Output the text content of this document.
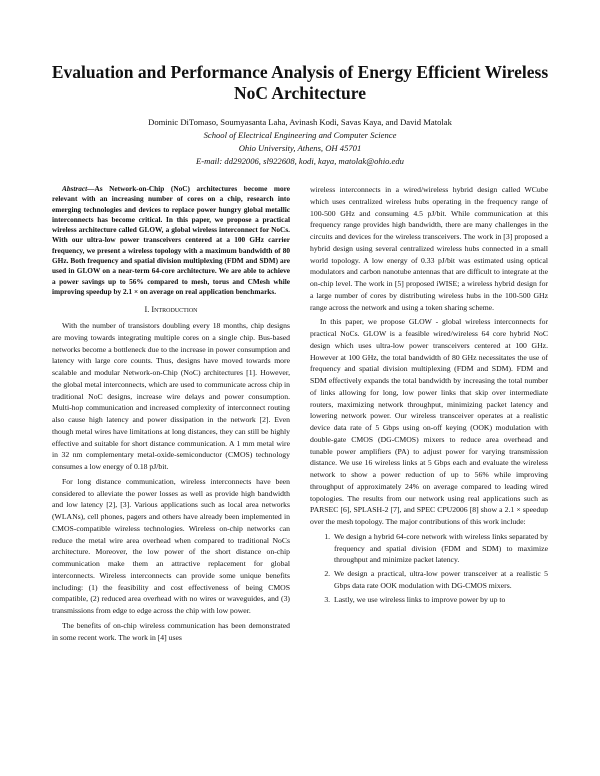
Evaluation and Performance Analysis of Energy Efficient Wireless NoC Architecture
Dominic DiTomaso, Soumyasanta Laha, Avinash Kodi, Savas Kaya, and David Matolak
School of Electrical Engineering and Computer Science
Ohio University, Athens, OH 45701
E-mail: dd292006, sl922608, kodi, kaya, matolak@ohio.edu

Abstract—As Network-on-Chip (NoC) architectures become more relevant with an increasing number of cores on a chip, research into emerging technologies and devices to replace power hungry global metallic interconnects has become critical. In this paper, we propose a practical wireless architecture called GLOW, a global wireless interconnect for NoCs. With our ultra-low power transceivers centered at a 100 GHz carrier frequency, we present a wireless topology with a maximum bandwidth of 80 GHz. Both frequency and spatial division multiplexing (FDM and SDM) are used in GLOW on a near-term 64-core architecture. We are able to achieve a power savings up to 56% compared to mesh, torus and CMesh while improving speedup by 2.1 × on average on real application benchmarks.

I. Introduction

With the number of transistors doubling every 18 months, chip designs are moving towards integrating multiple cores on a single chip. Bus-based networks become a bottleneck due to the increase in power consumption and latency with large core counts. Thus, designs have moved towards more scalable and modular Network-on-Chip (NoC) architectures [1]. However, the global metal interconnects, which are used to communicate across chip in traditional NoC designs, increase wire delays and power consumption. Multi-hop communication and increased complexity of interconnect routing also cause high latency and power dissipation in the network [2]. Even though metal wires have limitations at long distances, they can still be highly effective and suitable for short distance communication. A 1 mm metal wire in 32 nm complementary metal-oxide-semiconductor (CMOS) technology consumes a low energy of 0.18 pJ/bit.

For long distance communication, wireless interconnects have been considered to alleviate the power losses as well as provide high bandwidth and low latency [2], [3]. Various applications such as local area networks (WLANs), cell phones, pagers and others have already been implemented in CMOS-compatible wireless technologies. Wireless on-chip networks can reduce the metal wire area overhead when compared to traditional NoCs architecture. Moreover, the low power of the short distance on-chip communication make them an attractive replacement for global interconnects. Wireless interconnects can provide some unique benefits including: (1) the feasibility and cost effectiveness of being CMOS compatible, (2) reduced area overhead with no wires or waveguides, and (3) transmissions from edge to edge across the chip with low power.

The benefits of on-chip wireless communication has been demonstrated in some recent work. The work in [4] uses

wireless interconnects in a wired/wireless hybrid design called WCube which uses centralized wireless hubs operating in the frequency range of 100-500 GHz and consuming 4.5 pJ/bit. While communication at this frequency range provides high bandwidth, there are many challenges in the circuits and devices for the wireless transceivers. The work in [3] proposed a hybrid design using several centralized wireless hubs connected in a small world topology. A low energy of 0.33 pJ/bit was estimated using optical modulators and carbon nanotube antennas that are difficult to integrate at the on-chip level. The work in [5] proposed iWISE; a wireless hybrid design for a large number of cores by distributing wireless hubs in the 100-500 GHz range across the network and using a token sharing scheme.

In this paper, we propose GLOW - global wireless interconnects for practical NoCs. GLOW is a feasible wired/wireless 64 core hybrid NoC design which uses ultra-low power transceivers centered at 100 GHz. However at 100 GHz, the total bandwidth of 80 GHz necessitates the use of frequency and spatial division multiplexing (FDM and SDM). FDM and SDM effectively expands the total bandwidth by increasing the total number of links allowing for long, low power links that skip over intermediate routers, maximizing network throughput, minimizing packet latency and lowering network power. Our wireless transceiver operates at a realistic device data rate of 5 Gbps using on-off keying (OOK) modulation with double-gate CMOS (DG-CMOS) mixers to reduce area overhead and tunable power amplifiers (PA) to adjust power for varying transmission distance. We use 16 wireless links at 5 Gbps each and evaluate the wireless network to show a power reduction of up to 56% while improving throughput of approximately 24% on average compared to leading wired topologies. The results from our network using real applications such as PARSEC [6], SPLASH-2 [7], and SPEC CPU2006 [8] show a 2.1 × speedup over the mesh topology. The major contributions of this work include:

1. We design a hybrid 64-core network with wireless links separated by frequency and spatial division (FDM and SDM) to maximize throughput and minimize packet latency.
2. We design a practical, ultra-low power transceiver at a realistic 5 Gbps data rate OOK modulation with DG-CMOS mixers.
3. Lastly, we use wireless links to improve power by up to
